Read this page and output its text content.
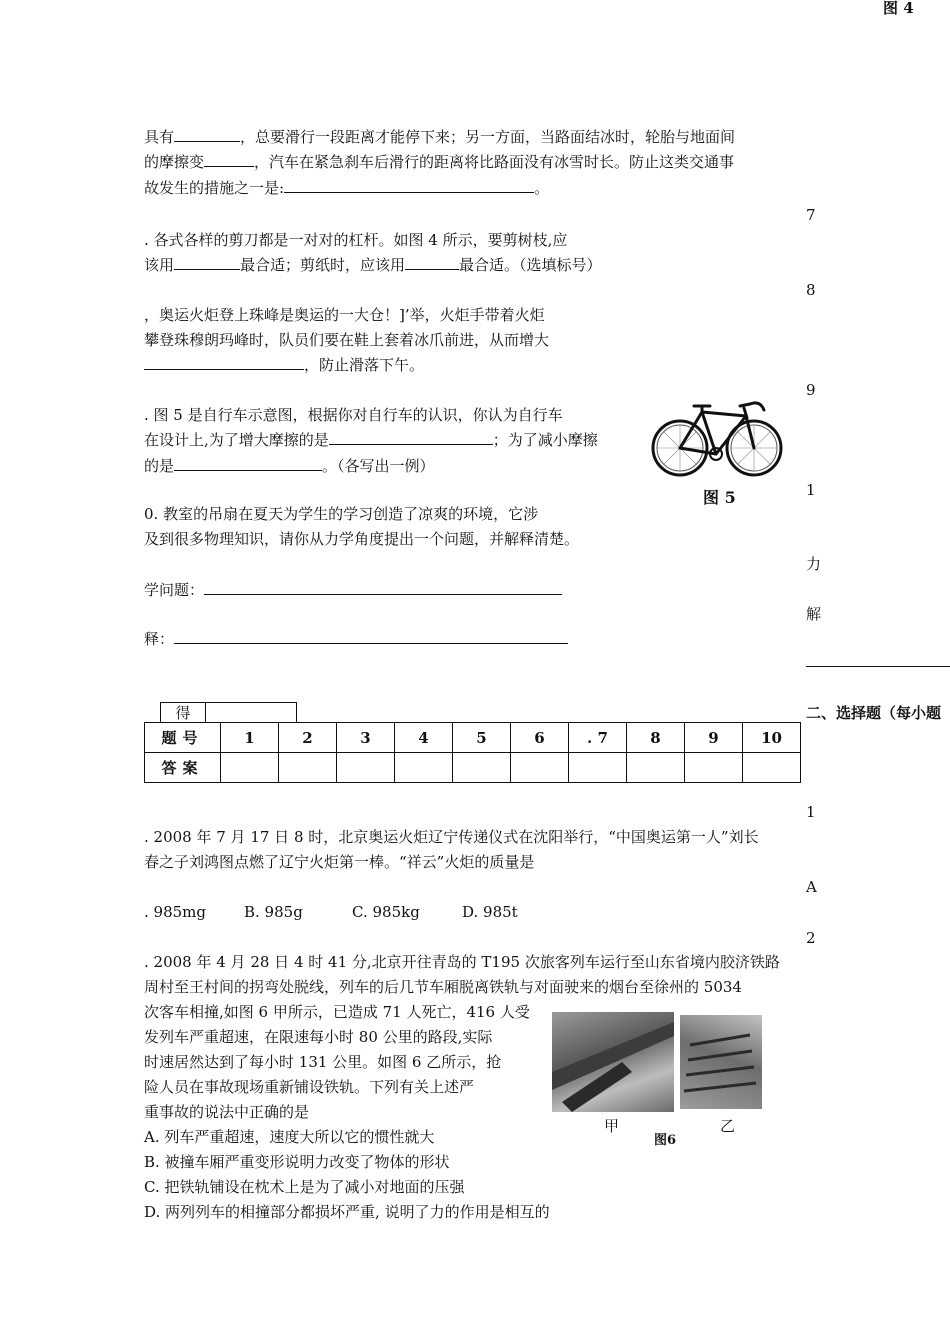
图 4
具有	，总要滑行一段距离才能停下来；另一方面，当路面结冰时，轮胎与地面间
的摩擦变	，汽车在紧急刹车后滑行的距离将比路面没有冰雪时长。防止这类交通事
故发生的措施之一是:	。
. 各式各样的剪刀都是一对对的杠杆。如图 4 所示，要剪树枝,应
该用	最合适；剪纸时，应该用	最合适。（选填标号）
，奥运火炬登上珠峰是奥运的一大仓！]’举，火炬手带着火炬
攀登珠穆朗玛峰时，队员们要在鞋上套着冰爪前进，从而增大
，防止滑落下午。
. 图 5 是自行车示意图，根据你对自行车的认识，你认为自行车
在设计上,为了增大摩擦的是	；为了减小摩擦
的是	。（各写出一例）
图 5
0. 教室的吊扇在夏天为学生的学习创造了凉爽的环境，它涉
及到很多物理知识，请你从力学角度提出一个问题，并解释清楚。
学问题：
释：
7
8
9
1
力
解
二、选择题（每小题
1
A
2
得
题号	1	2	3	4	5	6	. 7	8	9	10
答案										
. 2008 年 7 月 17 日 8 时，北京奥运火炬辽宁传递仪式在沈阳举行，“中国奥运第一人”刘长
春之子刘鸿图点燃了辽宁火炬第一棒。“祥云”火炬的质量是
. 985mg	B. 985g	C. 985kg	D. 985t
. 2008 年 4 月 28 日 4 时 41 分,北京开往青岛的 T195 次旅客列车运行至山东省境内胶济铁路
周村至王村间的拐弯处脱线，列车的后几节车厢脱离铁轨与对面驶来的烟台至徐州的 5034
次客车相撞,如图 6 甲所示，已造成 71 人死亡，416 人受
发列车严重超速，在限速每小时 80 公里的路段,实际
时速居然达到了每小时 131 公里。如图 6 乙所示，抢
险人员在事故现场重新铺设铁轨。下列有关上述严
重事故的说法中正确的是
A. 列车严重超速，速度大所以它的惯性就大
B. 被撞车厢严重变形说明力改变了物体的形状
C. 把铁轨铺设在枕术上是为了减小对地面的压强
D. 两列列车的相撞部分都损坏严重, 说明了力的作用是相互的
甲	乙
图6
